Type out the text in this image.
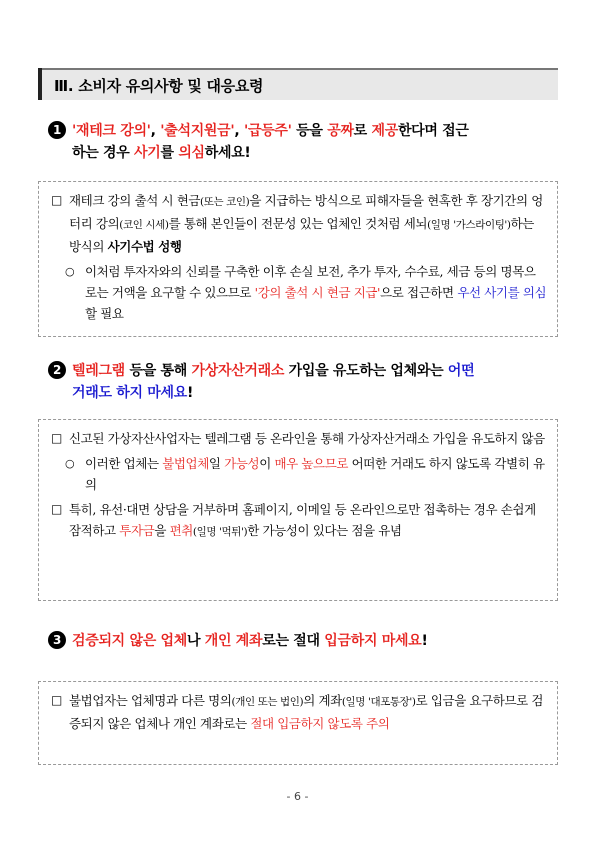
Ⅲ. 소비자 유의사항 및 대응요령
1 '재테크 강의', '출석지원금', '급등주' 등을 공짜로 제공한다며 접근
하는 경우 사기를 의심하세요!
□ 재테크 강의 출석 시 현금(또는 코인)을 지급하는 방식으로 피해자들을 현혹한 후 장기간의 엉터리 강의(코인 시세)를 통해 본인들이 전문성 있는 업체인 것처럼 세뇌(일명 '가스라이팅')하는 방식의 사기수법 성행
○ 이처럼 투자자와의 신뢰를 구축한 이후 손실 보전, 추가 투자, 수수료, 세금 등의 명목으로는 거액을 요구할 수 있으므로 '강의 출석 시 현금 지급'으로 접근하면 우선 사기를 의심할 필요
2 텔레그램 등을 통해 가상자산거래소 가입을 유도하는 업체와는 어떤
거래도 하지 마세요!
□ 신고된 가상자산사업자는 텔레그램 등 온라인을 통해 가상자산거래소 가입을 유도하지 않음
○ 이러한 업체는 불법업체일 가능성이 매우 높으므로 어떠한 거래도 하지 않도록 각별히 유의
□ 특히, 유선·대면 상담을 거부하며 홈페이지, 이메일 등 온라인으로만 접촉하는 경우 손쉽게 잠적하고 투자금을 편취(일명 '먹튀')한 가능성이 있다는 점을 유념
3 검증되지 않은 업체나 개인 계좌로는 절대 입금하지 마세요!
□ 불법업자는 업체명과 다른 명의(개인 또는 법인)의 계좌(일명 '대포통장')로 입금을 요구하므로 검증되지 않은 업체나 개인 계좌로는 절대 입금하지 않도록 주의
- 6 -
